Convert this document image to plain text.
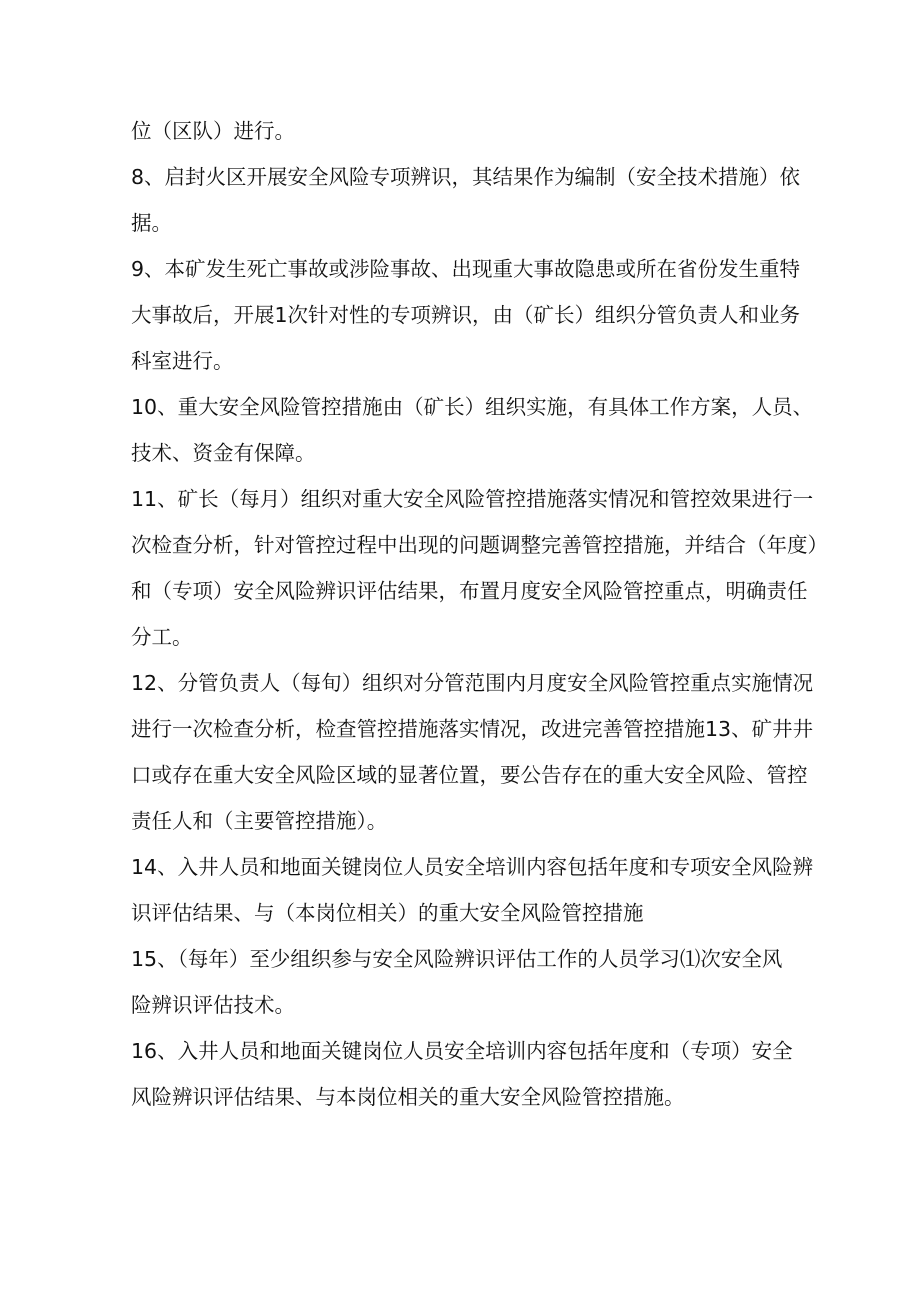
位（区队）进行。
8、启封火区开展安全风险专项辨识，其结果作为编制（安全技术措施）依
据。
9、本矿发生死亡事故或涉险事故、出现重大事故隐患或所在省份发生重特
大事故后，开展1次针对性的专项辨识，由（矿长）组织分管负责人和业务
科室进行。
10、重大安全风险管控措施由（矿长）组织实施，有具体工作方案，人员、
技术、资金有保障。
11、矿长（每月）组织对重大安全风险管控措施落实情况和管控效果进行一
次检查分析，针对管控过程中出现的问题调整完善管控措施，并结合（年度）
和（专项）安全风险辨识评估结果，布置月度安全风险管控重点，明确责任
分工。
12、分管负责人（每旬）组织对分管范围内月度安全风险管控重点实施情况
进行一次检查分析，检查管控措施落实情况，改进完善管控措施13、矿井井
口或存在重大安全风险区域的显著位置，要公告存在的重大安全风险、管控
责任人和（主要管控措施）。
14、入井人员和地面关键岗位人员安全培训内容包括年度和专项安全风险辨
识评估结果、与（本岗位相关）的重大安全风险管控措施
15、（每年）至少组织参与安全风险辨识评估工作的人员学习⑴次安全风
险辨识评估技术。
16、入井人员和地面关键岗位人员安全培训内容包括年度和（专项）安全
风险辨识评估结果、与本岗位相关的重大安全风险管控措施。
